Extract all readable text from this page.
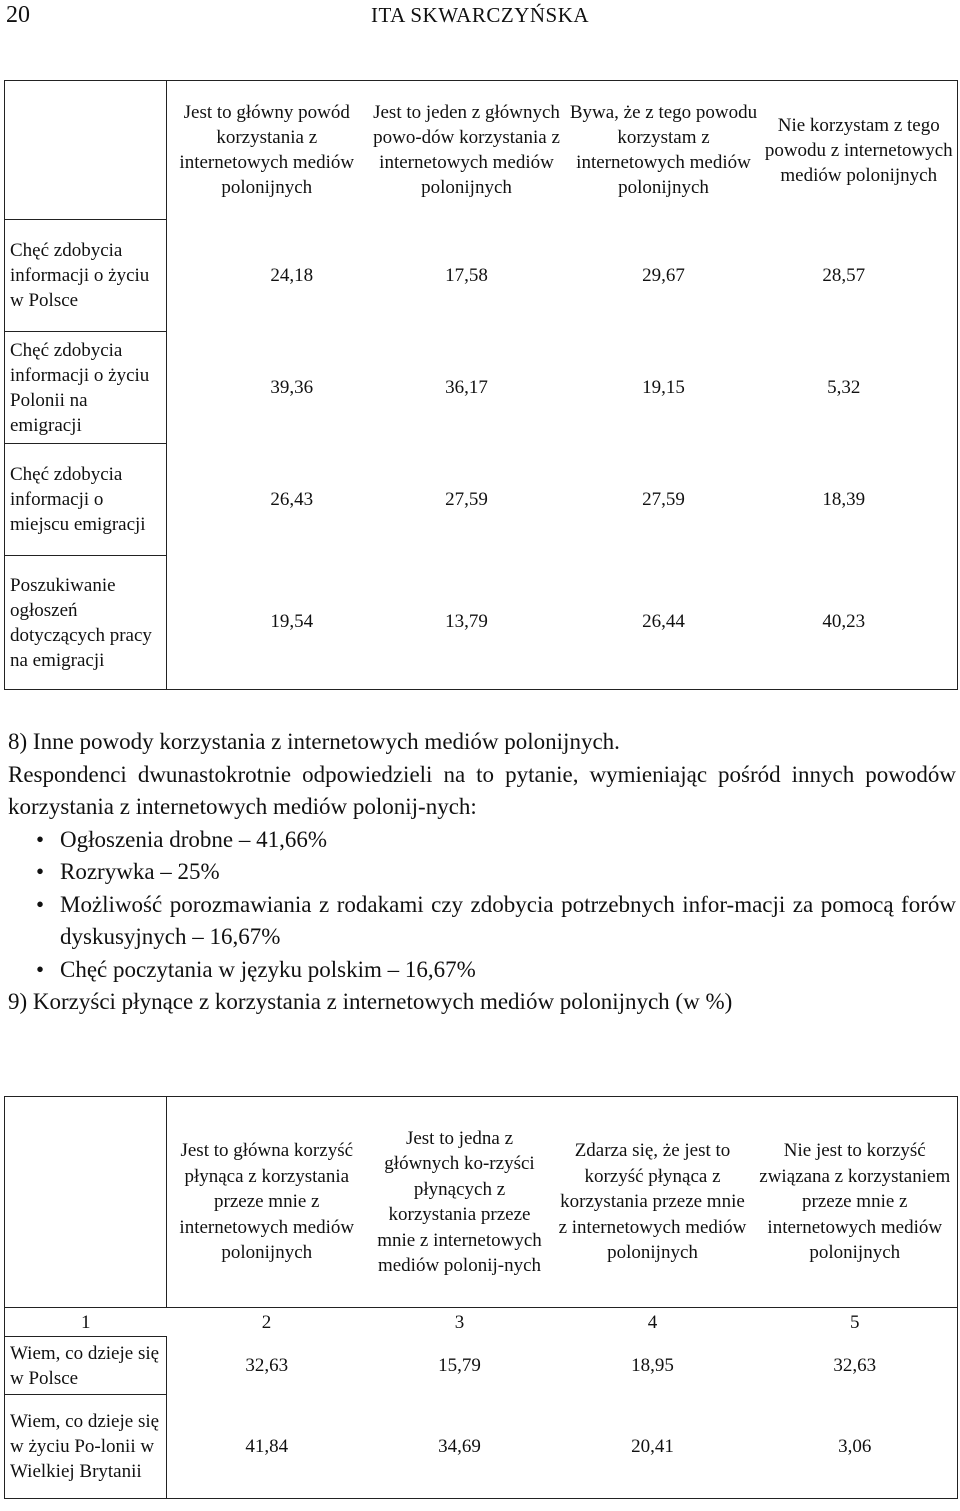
20	ITA SKWARCZYŃSKA
	Jest to główny powód korzystania z internetowych mediów polonijnych	Jest to jeden z głównych powo-dów korzystania z internetowych mediów polonijnych	Bywa, że z tego powodu korzystam z internetowych mediów polonijnych	Nie korzystam z tego powodu z internetowych mediów polonijnych
Chęć zdobycia informacji o życiu w Polsce	24,18	17,58	29,67	28,57
Chęć zdobycia informacji o życiu Polonii na emigracji	39,36	36,17	19,15	5,32
Chęć zdobycia informacji o miejscu emigracji	26,43	27,59	27,59	18,39
Poszukiwanie ogłoszeń dotyczących pracy na emigracji	19,54	13,79	26,44	40,23

8) Inne powody korzystania z internetowych mediów polonijnych.

Respondenci dwunastokrotnie odpowiedzieli na to pytanie, wymieniając pośród innych powodów korzystania z internetowych mediów polonij-nych:

• Ogłoszenia drobne – 41,66%

• Rozrywka – 25%

• Możliwość porozmawiania z rodakami czy zdobycia potrzebnych infor-macji za pomocą forów dyskusyjnych – 16,67%

• Chęć poczytania w języku polskim – 16,67%

9) Korzyści płynące z korzystania z internetowych mediów polonijnych (w %)

	Jest to główna korzyść płynąca z korzystania przeze mnie z internetowych mediów polonijnych	Jest to jedna z głównych ko-rzyści płynących z korzystania przeze mnie z internetowych mediów polonij-nych	Zdarza się, że jest to korzyść płynąca z korzystania przeze mnie z internetowych mediów polonijnych	Nie jest to korzyść związana z korzystaniem przeze mnie z internetowych mediów polonijnych
1	2	3	4	5
Wiem, co dzieje się w Polsce	32,63	15,79	18,95	32,63
Wiem, co dzieje się w życiu Po-lonii w Wielkiej Brytanii	41,84	34,69	20,41	3,06
